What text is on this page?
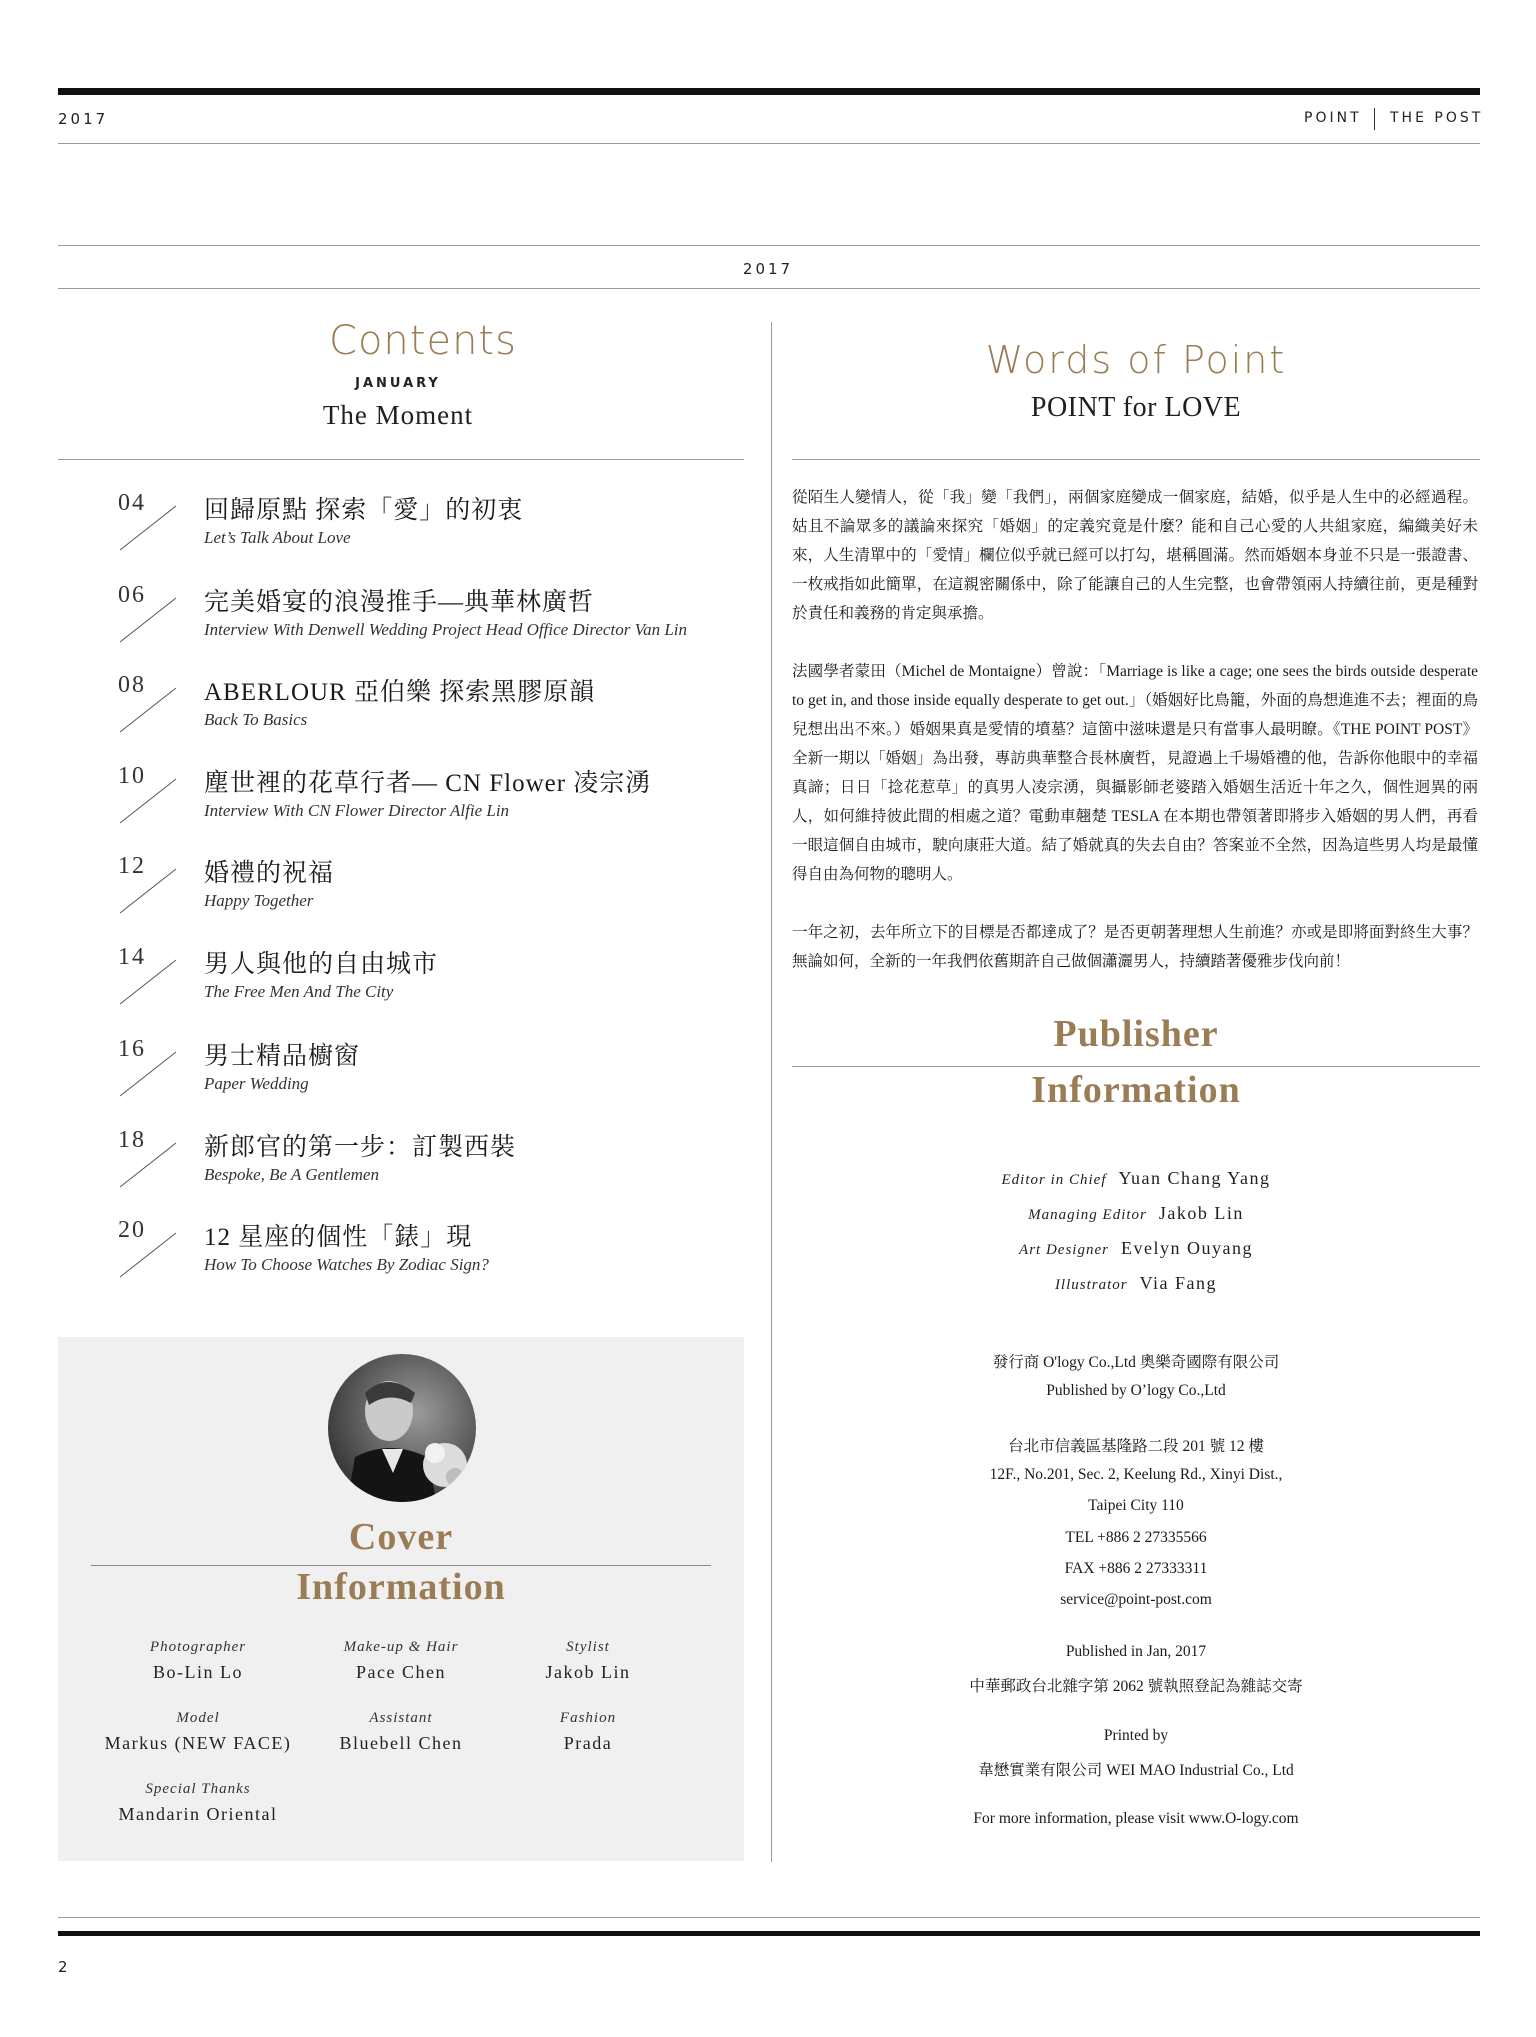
2017	POINT THE POST
2017
Contents
JANUARY
The Moment
04 回歸原點 探索「愛」的初衷
Let’s Talk About Love
06 完美婚宴的浪漫推手—典華林廣哲
Interview With Denwell Wedding Project Head Office Director Van Lin
08 ABERLOUR 亞伯樂 探索黑膠原韻
Back To Basics
10 塵世裡的花草行者— CN Flower 凌宗湧
Interview With CN Flower Director Alfie Lin
12 婚禮的祝福
Happy Together
14 男人與他的自由城市
The Free Men And The City
16 男士精品櫥窗
Paper Wedding
18 新郎官的第一步：訂製西裝
Bespoke, Be A Gentlemen
20 12 星座的個性「錶」現
How To Choose Watches By Zodiac Sign?
Cover
Information
Photographer
Bo-Lin Lo
Make-up & Hair
Pace Chen
Stylist
Jakob Lin
Model
Markus (NEW FACE)
Assistant
Bluebell Chen
Fashion
Prada
Special Thanks
Mandarin Oriental
Words of Point
POINT for LOVE
從陌生人變情人，從「我」變「我們」，兩個家庭變成一個家庭，結婚，似乎是人生中的必經過程。姑且不論眾多的議論來探究「婚姻」的定義究竟是什麼？能和自己心愛的人共組家庭，編織美好未來，人生清單中的「愛情」欄位似乎就已經可以打勾，堪稱圓滿。然而婚姻本身並不只是一張證書、一枚戒指如此簡單，在這親密關係中，除了能讓自己的人生完整，也會帶領兩人持續往前，更是種對於責任和義務的肯定與承擔。
法國學者蒙田（Michel de Montaigne）曾說：「Marriage is like a cage; one sees the birds outside desperate to get in, and those inside equally desperate to get out.」（婚姻好比鳥籠，外面的鳥想進進不去；裡面的鳥兒想出出不來。）婚姻果真是愛情的墳墓？這箇中滋味還是只有當事人最明瞭。《THE POINT POST》全新一期以「婚姻」為出發，專訪典華整合長林廣哲，見證過上千場婚禮的他，告訴你他眼中的幸福真諦；日日「捻花惹草」的真男人凌宗湧，與攝影師老婆踏入婚姻生活近十年之久，個性迥異的兩人，如何維持彼此間的相處之道？電動車翹楚 TESLA 在本期也帶領著即將步入婚姻的男人們，再看一眼這個自由城市，駛向康莊大道。結了婚就真的失去自由？答案並不全然，因為這些男人均是最懂得自由為何物的聰明人。
一年之初，去年所立下的目標是否都達成了？是否更朝著理想人生前進？亦或是即將面對終生大事？無論如何，全新的一年我們依舊期許自己做個瀟灑男人，持續踏著優雅步伐向前！
Publisher
Information
Editor in Chief Yuan Chang Yang
Managing Editor Jakob Lin
Art Designer Evelyn Ouyang
Illustrator Via Fang
發行商 O'logy Co.,Ltd 奧樂奇國際有限公司
Published by O’logy Co.,Ltd
台北市信義區基隆路二段 201 號 12 樓
12F., No.201, Sec. 2, Keelung Rd., Xinyi Dist.,
Taipei City 110
TEL +886 2 27335566
FAX +886 2 27333311
service@point-post.com
Published in Jan, 2017
中華郵政台北雜字第 2062 號執照登記為雜誌交寄
Printed by
韋懋實業有限公司 WEI MAO Industrial Co., Ltd
For more information, please visit www.O-logy.com
2
